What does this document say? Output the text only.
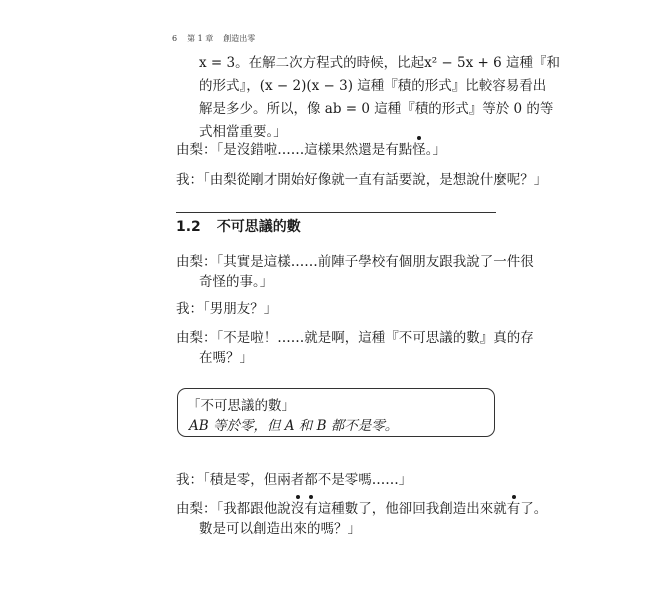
6 第 1 章 創造出零
x = 3。在解二次方程式的時候，比起x² − 5x + 6 這種『和
的形式』，(x − 2)(x − 3) 這種『積的形式』比較容易看出
解是多少。所以，像 ab = 0 這種『積的形式』等於 0 的等
式相當重要。」
由梨：「是沒錯啦……這樣果然還是有點怪。」
我：「由梨從剛才開始好像就一直有話要說，是想說什麼呢？」
1.2 不可思議的數
由梨：「其實是這樣……前陣子學校有個朋友跟我說了一件很
奇怪的事。」
我：「男朋友？」
由梨：「不是啦！……就是啊，這種『不可思議的數』真的存
在嗎？」
「不可思議的數」
AB 等於零，但 A 和 B 都不是零。
我：「積是零，但兩者都不是零嗎……」
由梨：「我都跟他說沒有這種數了，他卻回我創造出來就有了。
數是可以創造出來的嗎？」
